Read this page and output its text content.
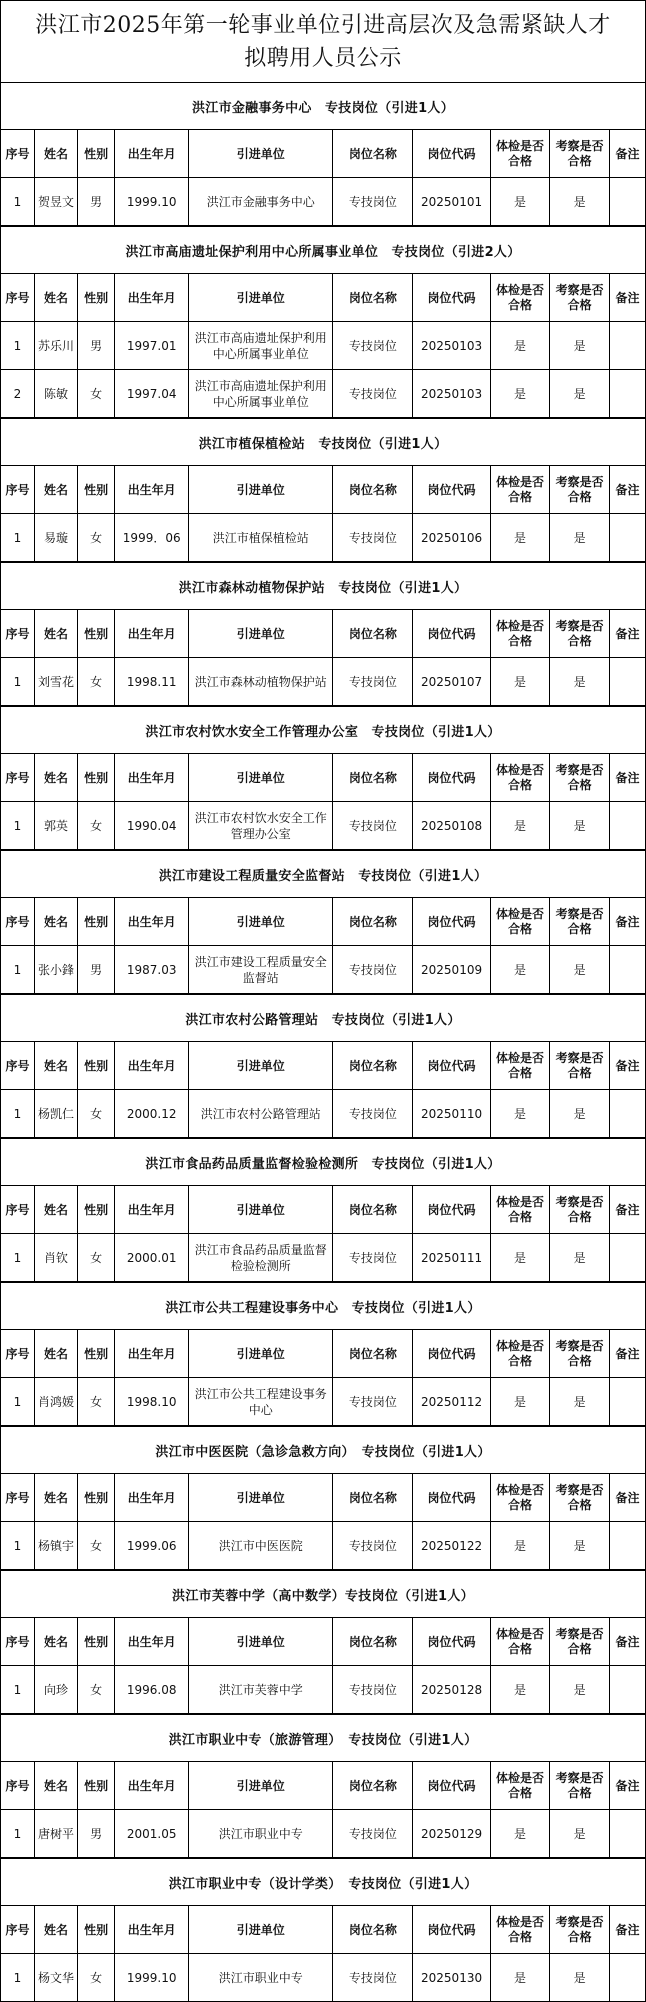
洪江市2025年第一轮事业单位引进高层次及急需紧缺人才
拟聘用人员公示
洪江市金融事务中心　专技岗位（引进1人）
序号	姓名	性别	出生年月	引进单位	岗位名称	岗位代码	体检是否合格	考察是否合格	备注
1	贺昱文	男	1999.10	洪江市金融事务中心	专技岗位	20250101	是	是	
洪江市高庙遗址保护利用中心所属事业单位　专技岗位（引进2人）
序号	姓名	性别	出生年月	引进单位	岗位名称	岗位代码	体检是否合格	考察是否合格	备注
1	苏乐川	男	1997.01	洪江市高庙遗址保护利用中心所属事业单位	专技岗位	20250103	是	是	
2	陈敏	女	1997.04	洪江市高庙遗址保护利用中心所属事业单位	专技岗位	20250103	是	是	
洪江市植保植检站　专技岗位（引进1人）
序号	姓名	性别	出生年月	引进单位	岗位名称	岗位代码	体检是否合格	考察是否合格	备注
1	易璇	女	1999．06	洪江市植保植检站	专技岗位	20250106	是	是	
洪江市森林动植物保护站　专技岗位（引进1人）
序号	姓名	性别	出生年月	引进单位	岗位名称	岗位代码	体检是否合格	考察是否合格	备注
1	刘雪花	女	1998.11	洪江市森林动植物保护站	专技岗位	20250107	是	是	
洪江市农村饮水安全工作管理办公室　专技岗位（引进1人）
序号	姓名	性别	出生年月	引进单位	岗位名称	岗位代码	体检是否合格	考察是否合格	备注
1	郭英	女	1990.04	洪江市农村饮水安全工作管理办公室	专技岗位	20250108	是	是	
洪江市建设工程质量安全监督站　专技岗位（引进1人）
序号	姓名	性别	出生年月	引进单位	岗位名称	岗位代码	体检是否合格	考察是否合格	备注
1	张小鋒	男	1987.03	洪江市建设工程质量安全监督站	专技岗位	20250109	是	是	
洪江市农村公路管理站　专技岗位（引进1人）
序号	姓名	性别	出生年月	引进单位	岗位名称	岗位代码	体检是否合格	考察是否合格	备注
1	杨凯仁	女	2000.12	洪江市农村公路管理站	专技岗位	20250110	是	是	
洪江市食品药品质量监督检验检测所　专技岗位（引进1人）
序号	姓名	性别	出生年月	引进单位	岗位名称	岗位代码	体检是否合格	考察是否合格	备注
1	肖钦	女	2000.01	洪江市食品药品质量监督检验检测所	专技岗位	20250111	是	是	
洪江市公共工程建设事务中心　专技岗位（引进1人）
序号	姓名	性别	出生年月	引进单位	岗位名称	岗位代码	体检是否合格	考察是否合格	备注
1	肖鸿媛	女	1998.10	洪江市公共工程建设事务中心	专技岗位	20250112	是	是	
洪江市中医医院（急诊急救方向）　专技岗位（引进1人）
序号	姓名	性别	出生年月	引进单位	岗位名称	岗位代码	体检是否合格	考察是否合格	备注
1	杨镇宇	女	1999.06	洪江市中医医院	专技岗位	20250122	是	是	
洪江市芙蓉中学（高中数学）专技岗位（引进1人）
序号	姓名	性别	出生年月	引进单位	岗位名称	岗位代码	体检是否合格	考察是否合格	备注
1	向珍	女	1996.08	洪江市芙蓉中学	专技岗位	20250128	是	是	
洪江市职业中专（旅游管理）　专技岗位（引进1人）
序号	姓名	性别	出生年月	引进单位	岗位名称	岗位代码	体检是否合格	考察是否合格	备注
1	唐树平	男	2001.05	洪江市职业中专	专技岗位	20250129	是	是	
洪江市职业中专（设计学类）　专技岗位（引进1人）
序号	姓名	性别	出生年月	引进单位	岗位名称	岗位代码	体检是否合格	考察是否合格	备注
1	杨文华	女	1999.10	洪江市职业中专	专技岗位	20250130	是	是	
